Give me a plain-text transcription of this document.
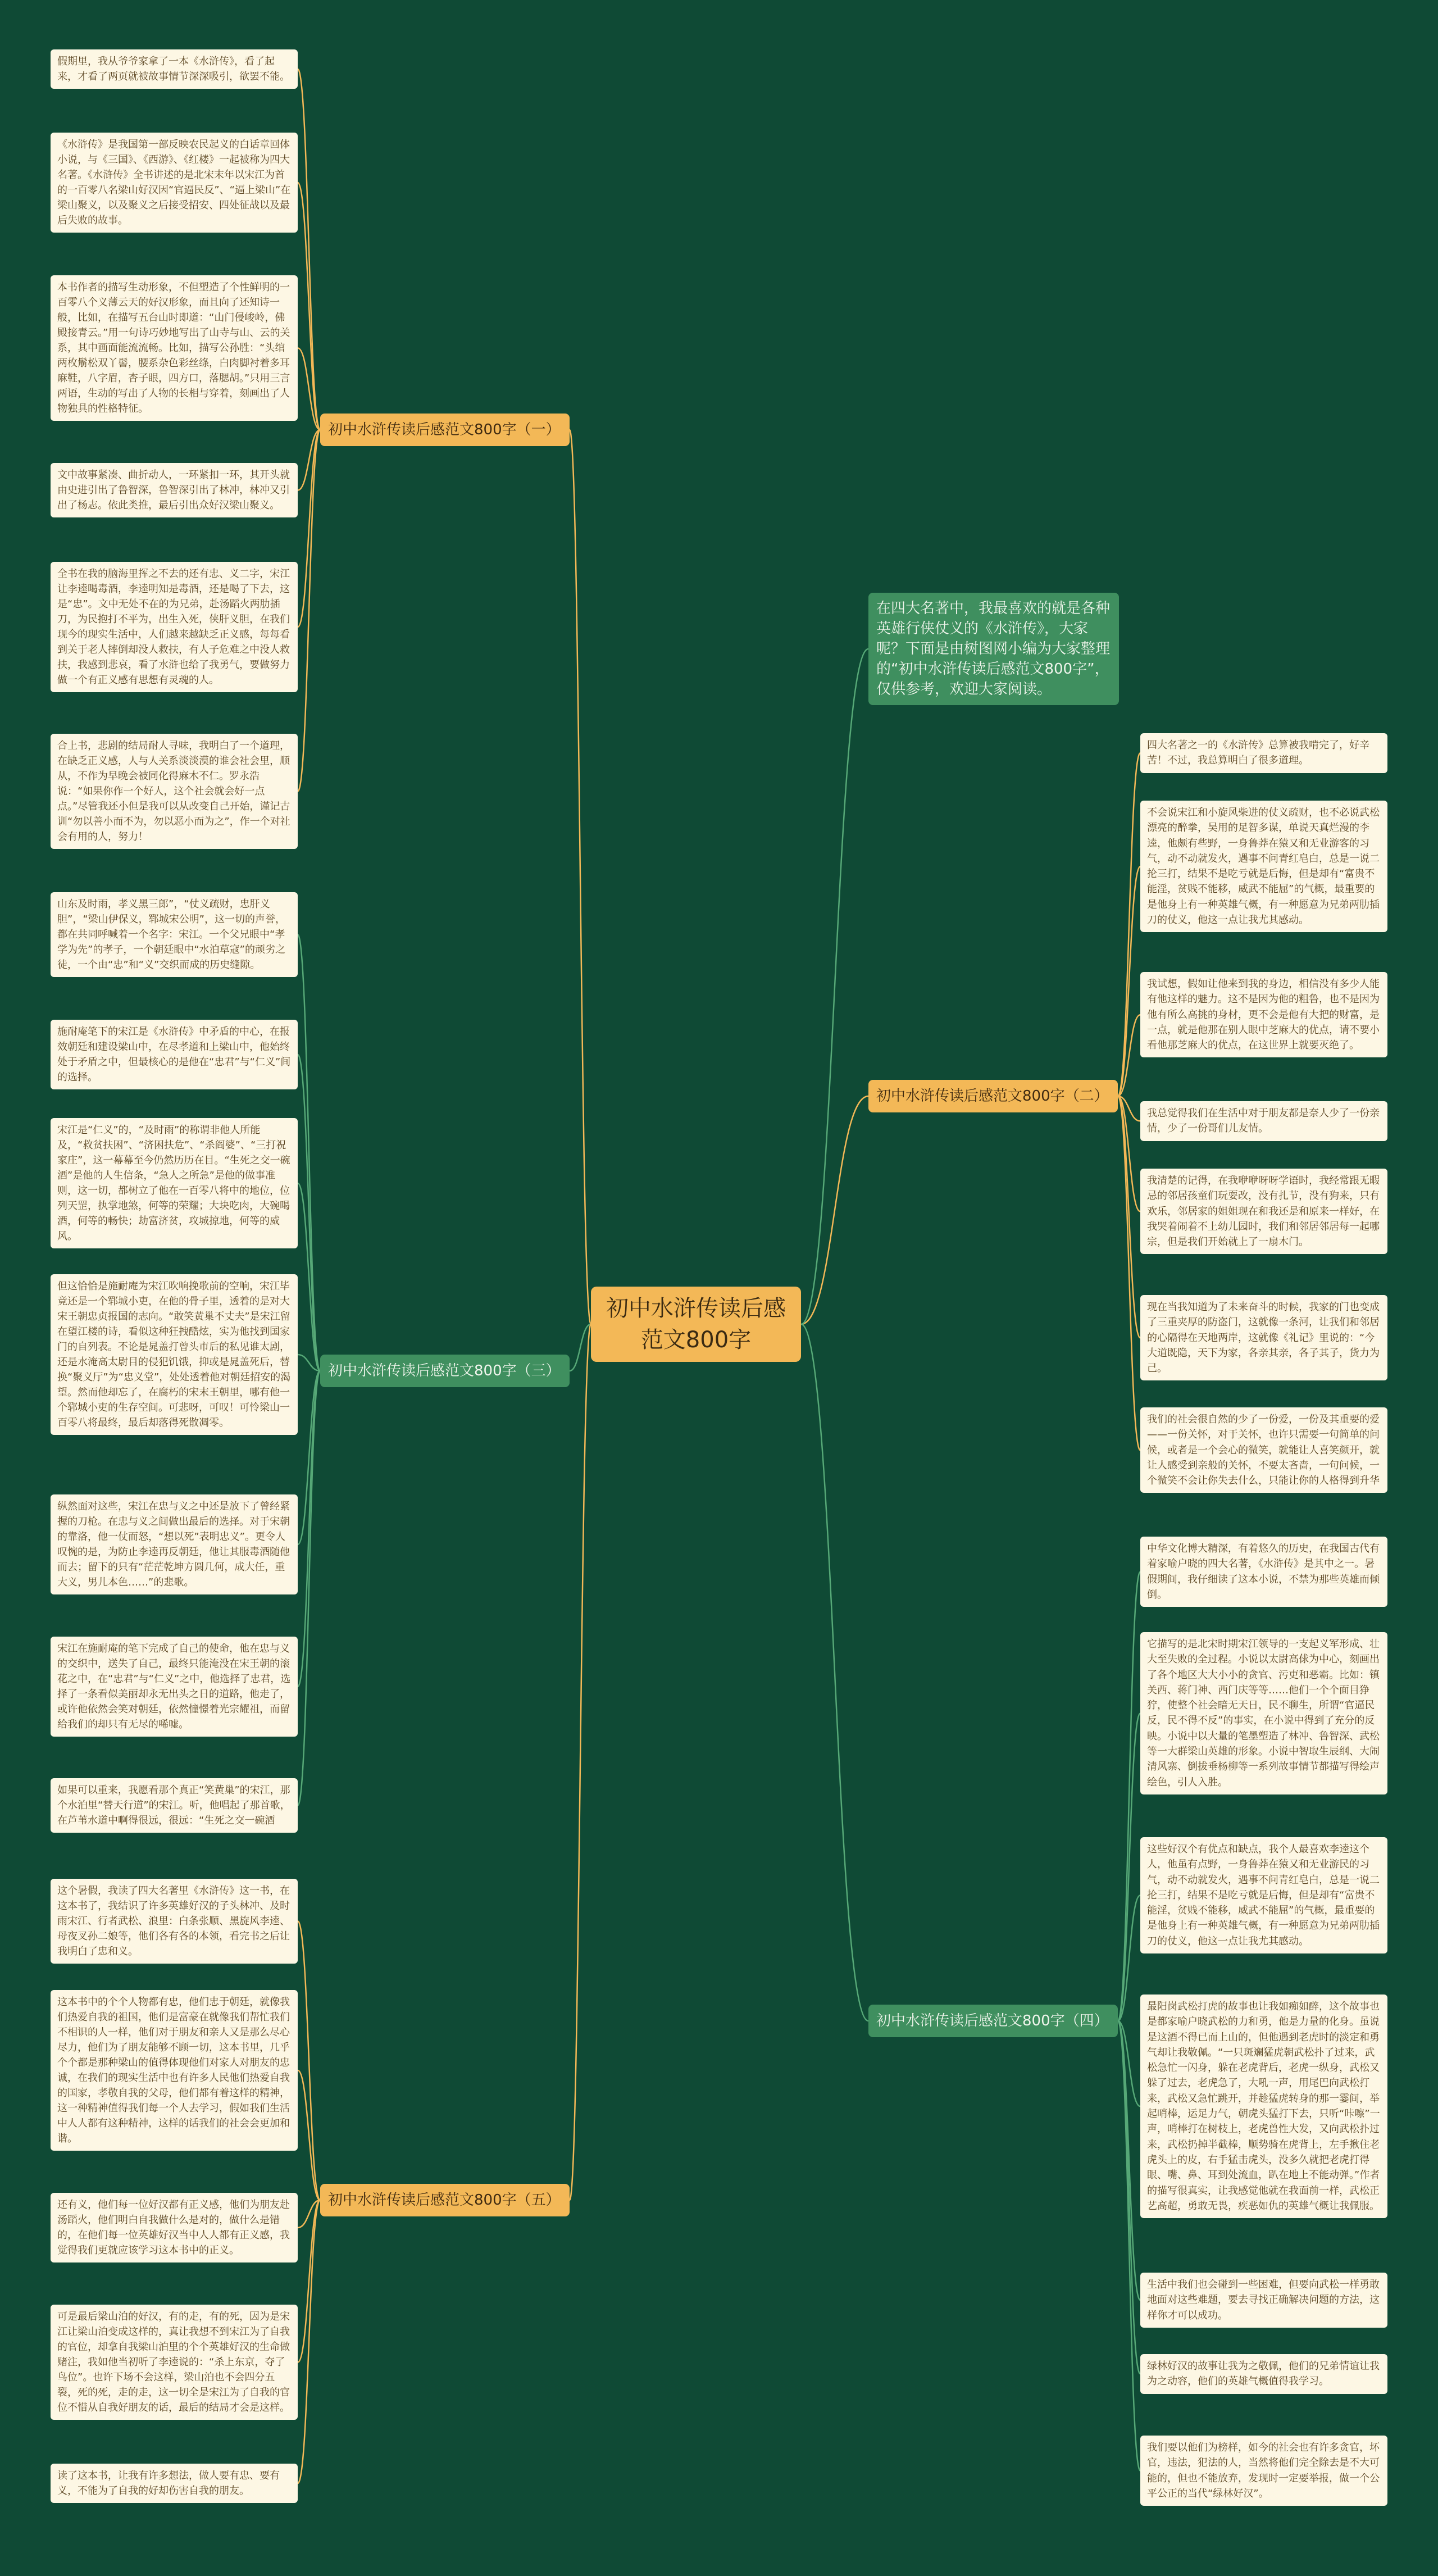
初中水浒传读后感范文800字
在四大名著中，我最喜欢的就是各种英雄行侠仗义的《水浒传》，大家呢？下面是由树图网小编为大家整理的“初中水浒传读后感范文800字”，仅供参考，欢迎大家阅读。
初中水浒传读后感范文800字（一）
初中水浒传读后感范文800字（三）
初中水浒传读后感范文800字（五）
初中水浒传读后感范文800字（二）
初中水浒传读后感范文800字（四）
假期里，我从爷爷家拿了一本《水浒传》，看了起来，才看了两页就被故事情节深深吸引，欲罢不能。
《水浒传》是我国第一部反映农民起义的白话章回体小说，与《三国》、《西游》、《红楼》一起被称为四大名著。《水浒传》全书讲述的是北宋末年以宋江为首的一百零八名梁山好汉因“官逼民反”、“逼上梁山”在梁山聚义，以及聚义之后接受招安、四处征战以及最后失败的故事。
本书作者的描写生动形象，不但塑造了个性鲜明的一百零八个义薄云天的好汉形象，而且向了还知诗一般，比如，在描写五台山时即道：“山门侵峻岭，佛殿接青云。”用一句诗巧妙地写出了山寺与山、云的关系，其中画面能流流畅。比如，描写公孙胜：“头绾两枚鬅松双丫髻，腰系杂色彩丝绦，白肉脚衬着多耳麻鞋，八字眉，杏子眼，四方口，落腮胡。”只用三言两语，生动的写出了人物的长相与穿着，刻画出了人物独具的性格特征。
文中故事紧凑、曲折动人，一环紧扣一环，其开头就由史进引出了鲁智深，鲁智深引出了林冲，林冲又引出了杨志。依此类推，最后引出众好汉梁山聚义。
全书在我的脑海里挥之不去的还有忠、义二字，宋江让李逵喝毒酒，李逵明知是毒酒，还是喝了下去，这是“忠”。文中无处不在的为兄弟，赴汤蹈火两肋插刀，为民抱打不平为，出生入死，侠肝义胆，在我们现今的现实生活中，人们越来越缺乏正义感，每每看到关于老人摔倒却没人救扶，有人子危难之中没人救扶，我感到悲哀，看了水浒也给了我勇气，要做努力做一个有正义感有思想有灵魂的人。
合上书，悲剧的结局耐人寻味，我明白了一个道理，在缺乏正义感，人与人关系淡淡漠的谁会社会里，顺从，不作为早晚会被同化得麻木不仁。罗永浩说：“如果你作一个好人，这个社会就会好一点点。”尽管我还小但是我可以从改变自己开始，谨记古训“勿以善小而不为，勿以恶小而为之”，作一个对社会有用的人，努力！
山东及时雨，孝义黑三郎”，“仗义疏财，忠肝义胆”，“梁山伊保义，郓城宋公明”，这一切的声誉，都在共同呼喊着一个名字：宋江。一个父兄眼中“孝学为先”的孝子，一个朝廷眼中“水泊草寇”的顽劣之徒，一个由“忠”和“义”交织而成的历史缝隙。
施耐庵笔下的宋江是《水浒传》中矛盾的中心，在报效朝廷和建设梁山中，在尽孝道和上梁山中，他始终处于矛盾之中，但最核心的是他在“忠君”与“仁义”间的选择。
宋江是“仁义”的，“及时雨”的称谓非他人所能及，“救贫扶困”、“济困扶危”、“杀阎婆”、“三打祝家庄”，这一幕幕至今仍然历历在目。“生死之交一碗酒”是他的人生信条，“急人之所急”是他的做事准则，这一切，都树立了他在一百零八将中的地位，位列天罡，执掌地煞，何等的荣耀；大块吃肉，大碗喝酒，何等的畅快；劫富济贫，攻城掠地，何等的威风。
但这恰恰是施耐庵为宋江吹响挽歌前的空响，宋江毕竟还是一个郓城小吏，在他的骨子里，透着的是对大宋王朝忠贞报国的志向。“敢笑黄巢不丈夫”是宋江留在望江楼的诗，看似这种狂拽酷炫，实为他找到国家门的自列表。不论是晁盖打曾头市后的私见谁太剧，还是水淹高太尉目的侵犯饥饿，抑或是晁盖死后，替换“聚义厅”为“忠义堂”，处处透着他对朝廷招安的渴望。然而他却忘了，在腐朽的宋末王朝里，哪有他一个郓城小吏的生存空间。可悲呀，可叹！可怜梁山一百零八将最终，最后却落得死散凋零。
纵然面对这些，宋江在忠与义之中还是放下了曾经紧握的刀枪。在忠与义之间做出最后的选择。对于宋朝的靠洛，他一仗而怒，“想以死”表明忠义”。更令人叹惋的是，为防止李逵再反朝廷，他让其服毒酒随他而去；留下的只有“茫茫乾坤方圆几何，成大任，重大义，男儿本色……”的悲歌。
宋江在施耐庵的笔下完成了自己的使命，他在忠与义的交织中，送失了自己，最终只能淹没在宋王朝的滚花之中，在“忠君”与“仁义”之中，他选择了忠君，选择了一条看似美丽却永无出头之日的道路，他走了，或许他依然会笑对朝廷，依然憧憬着光宗耀祖，而留给我们的却只有无尽的唏嘘。
如果可以重来，我愿看那个真正“笑黄巢”的宋江，那个水泊里“替天行道”的宋江。听，他唱起了那首歌，在芦苇水道中啊得很远，很远：“生死之交一碗酒
这个暑假，我读了四大名著里《水浒传》这一书，在这本书了，我结识了许多英雄好汉的子头林冲、及时雨宋江、行者武松、浪里：白条张顺、黑旋风李逵、母夜叉孙二娘等，他们各有各的本领，看完书之后让我明白了忠和义。
这本书中的个个人物都有忠，他们忠于朝廷，就像我们热爱自我的祖国，他们是富豪在就像我们帮忙我们不相识的人一样，他们对于朋友和亲人又是那么尽心尽力，他们为了朋友能够不顾一切，这本书里，几乎个个都是那种梁山的值得体现他们对家人对朋友的忠诚，在我们的现实生活中也有许多人民他们热爱自我的国家，孝敬自我的父母，他们都有着这样的精神，这一种精神值得我们每一个人去学习，假如我们生活中人人都有这种精神，这样的话我们的社会会更加和谐。
还有义，他们每一位好汉都有正义感，他们为朋友赴汤蹈火，他们明白自我做什么是对的，做什么是错的，在他们每一位英雄好汉当中人人都有正义感，我觉得我们更就应该学习这本书中的正义。
可是最后梁山泊的好汉，有的走，有的死，因为是宋江让梁山泊变成这样的，真让我想不到宋江为了自我的官位，却拿自我梁山泊里的个个英雄好汉的生命做赌注，我如他当初听了李逵说的：“杀上东京，夺了鸟位”。也许下场不会这样，梁山泊也不会四分五裂，死的死，走的走，这一切全是宋江为了自我的官位不惜从自我好朋友的话，最后的结局才会是这样。
读了这本书，让我有许多想法，做人要有忠、要有义，不能为了自我的好却伤害自我的朋友。
四大名著之一的《水浒传》总算被我啃完了，好辛苦！不过，我总算明白了很多道理。
不会说宋江和小旋风柴进的仗义疏财，也不必说武松漂亮的醉拳，吴用的足智多谋，单说天真烂漫的李逵，他颇有些野，一身鲁莽在猿又和无业游客的习气，动不动就发火，遇事不问青红皂白，总是一说二抡三打，结果不是吃亏就是后悔，但是却有“富贵不能淫，贫贱不能移，威武不能屈”的气概，最重要的是他身上有一种英雄气概，有一种愿意为兄弟两肋插刀的仗义，他这一点让我尤其感动。
我试想，假如让他来到我的身边，相信没有多少人能有他这样的魅力。这不是因为他的粗鲁，也不是因为他有所么高挑的身材，更不会是他有大把的财富，是一点，就是他那在别人眼中芝麻大的优点，请不要小看他那芝麻大的优点，在这世界上就要灭绝了。
我总觉得我们在生活中对于朋友都是奈人少了一份亲情，少了一份哥们儿友情。
我清楚的记得，在我咿咿呀呀学语时，我经常跟无暇忌的邻居孩童们玩耍改，没有扎节，没有狗来，只有欢乐，邻居家的姐姐现在和我还是和原来一样好，在我哭着闹着不上幼儿园时，我们和邻居邻居每一起哪宗，但是我们开始就上了一扇木门。
现在当我知道为了未来奋斗的时候，我家的门也变成了三重夹厚的防盗门，这就像一条河，让我们和邻居的心隔得在天地两岸，这就像《礼记》里说的：“今大道既隐，天下为家，各亲其亲，各子其子，货力为己。
我们的社会很自然的少了一份爱，一份及其重要的爱——一份关怀，对于关怀，也许只需要一句简单的问候，或者是一个会心的微笑，就能让人喜笑颜开，就让人感受到亲般的关怀，不要太吝啬，一句问候，一个微笑不会让你失去什么，只能让你的人格得到升华
中华文化博大精深，有着悠久的历史，在我国古代有着家喻户晓的四大名著，《水浒传》是其中之一。暑假期间，我仔细读了这本小说，不禁为那些英雄而倾倒。
它描写的是北宋时期宋江领导的一支起义军形成、壮大至失败的全过程。小说以太尉高俅为中心，刻画出了各个地区大大小小的贪官、污吏和恶霸。比如：镇关西、蒋门神、西门庆等等……他们一个个面目狰狞，使整个社会暗无天日，民不聊生，所谓“官逼民反，民不得不反”的事实，在小说中得到了充分的反映。小说中以大量的笔墨塑造了林冲、鲁智深、武松等一大群梁山英雄的形象。小说中智取生辰纲、大闹清风寨、倒拔垂杨柳等一系列故事情节都描写得绘声绘色，引人入胜。
这些好汉个有优点和缺点，我个人最喜欢李逵这个人，他虽有点野，一身鲁莽在猿又和无业游民的习气，动不动就发火，遇事不问青红皂白，总是一说二抡三打，结果不是吃亏就是后悔，但是却有“富贵不能淫，贫贱不能移，威武不能屈”的气概，最重要的是他身上有一种英雄气概，有一种愿意为兄弟两肋插刀的仗义，他这一点让我尤其感动。
最阳岗武松打虎的故事也让我如痴如醉，这个故事也是都家喻户晓武松的力和勇，他是力量的化身。虽说是这酒不得已而上山的，但他遇到老虎时的淡定和勇气却让我敬佩。“一只斑斓猛虎朝武松扑了过来，武松急忙一闪身，躲在老虎背后，老虎一纵身，武松又躲了过去，老虎急了，大吼一声，用尾巴向武松打来，武松又急忙跳开，并趁猛虎转身的那一霎间，举起哨棒，运足力气，朝虎头猛打下去，只听“咔嚓”一声，哨棒打在树枝上，老虎兽性大发，又向武松扑过来，武松扔掉半截棒，顺势骑在虎背上，左手揪住老虎头上的皮，右手猛击虎头，没多久就把老虎打得眼、嘴、鼻、耳到处流血，趴在地上不能动弹。”作者的描写很真实，让我感觉他就在我面前一样，武松正艺高超，勇敢无畏，疾恶如仇的英雄气概让我佩服。
生活中我们也会碰到一些困难，但要向武松一样勇敢地面对这些难题，要去寻找正确解决问题的方法，这样你才可以成功。
绿林好汉的故事让我为之敬佩，他们的兄弟情谊让我为之动容，他们的英雄气概值得我学习。
我们要以他们为榜样，如今的社会也有许多贪官，坏官，违法，犯法的人，当然将他们完全除去是不大可能的，但也不能放弃，发现时一定要举报，做一个公平公正的当代“绿林好汉”。
